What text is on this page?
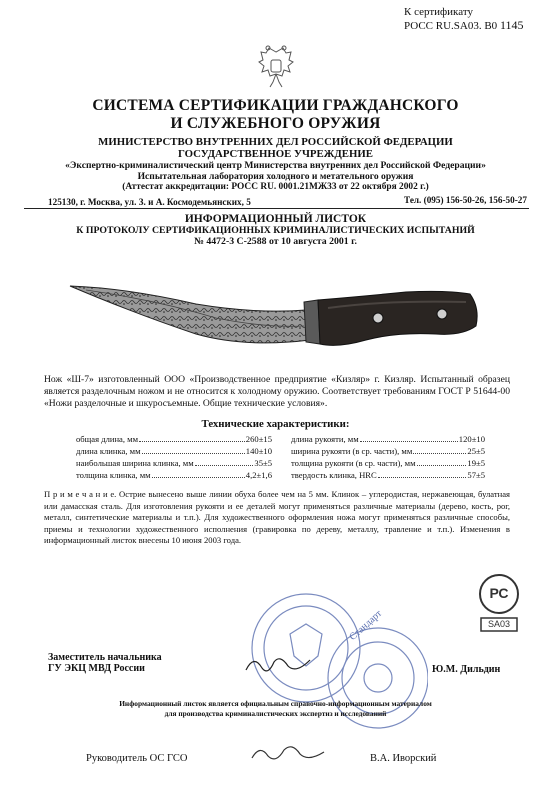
К сертификату
РОСС RU.SA03. B0 1145
СИСТЕМА СЕРТИФИКАЦИИ ГРАЖДАНСКОГО
И СЛУЖЕБНОГО ОРУЖИЯ
МИНИСТЕРСТВО ВНУТРЕННИХ ДЕЛ РОССИЙСКОЙ ФЕДЕРАЦИИ
ГОСУДАРСТВЕННОЕ УЧРЕЖДЕНИЕ
«Экспертно-криминалистический центр Министерства внутренних дел Российской Федерации»
Испытательная лаборатория холодного и метательного оружия
(Аттестат аккредитации: РОСС RU. 0001.21МЖ33 от 22 октября 2002 г.)
125130, г. Москва, ул. З. и А. Космодемьянских, 5	Тел. (095) 156-50-26, 156-50-27
ИНФОРМАЦИОННЫЙ ЛИСТОК
К ПРОТОКОЛУ СЕРТИФИКАЦИОННЫХ КРИМИНАЛИСТИЧЕСКИХ ИСПЫТАНИЙ
№ 4472-3 С-2588 от 10 августа 2001 г.
Нож «Ш-7» изготовленный ООО «Производственное предприятие «Кизляр» г. Кизляр. Испытанный образец является разделочным ножом и не относится к холодному оружию. Соответствует требованиям ГОСТ Р 51644-00 «Ножи разделочные и шкуросъемные. Общие технические условия».
Технические характеристики:
общая длина, мм	260±15
длина клинка, мм	140±10
наибольшая ширина клинка, мм	35±5
толщина клинка, мм	4,2±1,6
длина рукояти, мм	120±10
ширина рукояти (в ср. части), мм	25±5
толщина рукояти (в ср. части), мм	19±5
твердость клинка, HRC	57±5
П р и м е ч а н и е. Острие вынесено выше линии обуха более чем на 5 мм. Клинок – углеродистая, нержавеющая, булатная или дамасская сталь. Для изготовления рукояти и ее деталей могут применяться различные материалы (дерево, кость, рог, металл, синтетические материалы и т.п.). Для художественного оформления ножа могут применяться различные способы, приемы и технологии художественного исполнения (гравировка по дереву, металлу, травление и т.п.). Изменения в информационный листок внесены 10 июня 2003 года.
РС
SA03
Стандарт
Заместитель начальника
ГУ ЭКЦ МВД России	Ю.М. Дильдин
Информационный листок является официальным справочно-информационным материалом
для производства криминалистических экспертиз и исследований
Руководитель ОС ГСО	В.А. Иворский
